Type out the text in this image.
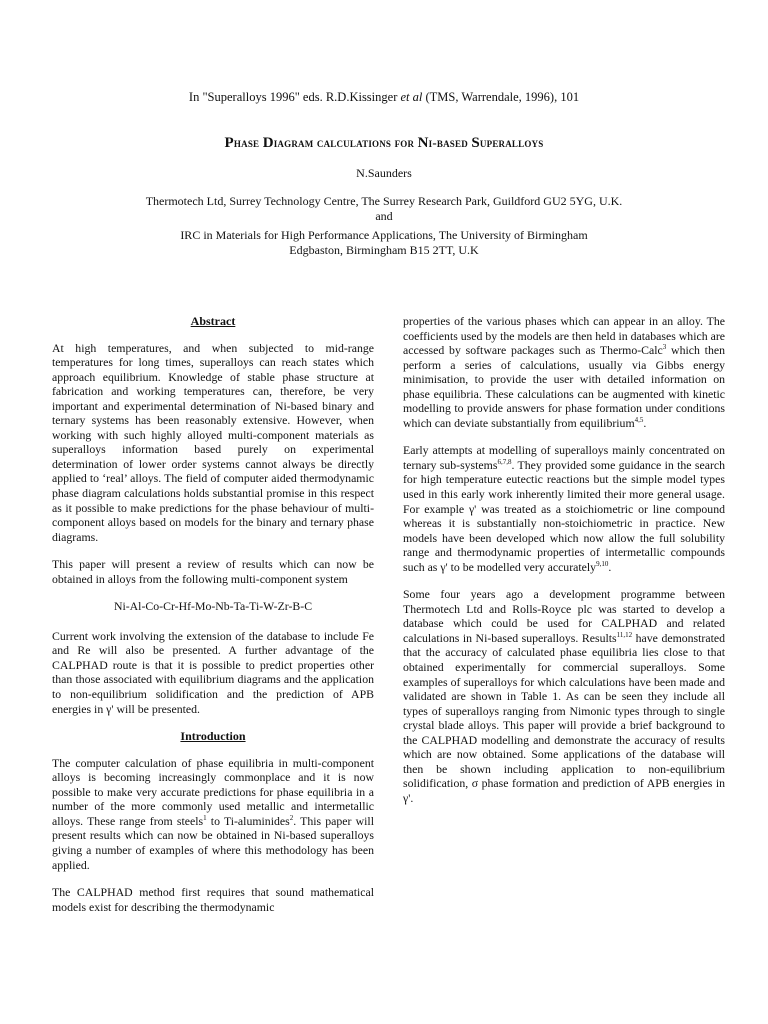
In "Superalloys 1996" eds. R.D.Kissinger et al (TMS, Warrendale, 1996), 101
Phase Diagram calculations for Ni-based Superalloys
N.Saunders
Thermotech Ltd, Surrey Technology Centre, The Surrey Research Park, Guildford GU2 5YG, U.K.
and
IRC in Materials for High Performance Applications, The University of Birmingham
Edgbaston, Birmingham B15 2TT, U.K
Abstract

At high temperatures, and when subjected to mid-range temperatures for long times, superalloys can reach states which approach equilibrium. Knowledge of stable phase structure at fabrication and working temperatures can, therefore, be very important and experimental determination of Ni-based binary and ternary systems has been reasonably extensive. However, when working with such highly alloyed multi-component materials as superalloys information based purely on experimental determination of lower order systems cannot always be directly applied to ‘real’ alloys. The field of computer aided thermodynamic phase diagram calculations holds substantial promise in this respect as it possible to make predictions for the phase behaviour of multi-component alloys based on models for the binary and ternary phase diagrams.

This paper will present a review of results which can now be obtained in alloys from the following multi-component system

Ni-Al-Co-Cr-Hf-Mo-Nb-Ta-Ti-W-Zr-B-C

Current work involving the extension of the database to include Fe and Re will also be presented. A further advantage of the CALPHAD route is that it is possible to predict properties other than those associated with equilibrium diagrams and the application to non-equilibrium solidification and the prediction of APB energies in γ' will be presented.

Introduction

The computer calculation of phase equilibria in multi-component alloys is becoming increasingly commonplace and it is now possible to make very accurate predictions for phase equilibria in a number of the more commonly used metallic and intermetallic alloys. These range from steels$^1$ to Ti-aluminides$^2$. This paper will present results which can now be obtained in Ni-based superalloys giving a number of examples of where this methodology has been applied.

The CALPHAD method first requires that sound mathematical models exist for describing the thermodynamic

properties of the various phases which can appear in an alloy. The coefficients used by the models are then held in databases which are accessed by software packages such as Thermo-Calc$^3$ which then perform a series of calculations, usually via Gibbs energy minimisation, to provide the user with detailed information on phase equilibria. These calculations can be augmented with kinetic modelling to provide answers for phase formation under conditions which can deviate substantially from equilibrium$^{4,5}$.

Early attempts at modelling of superalloys mainly concentrated on ternary sub-systems$^{6,7,8}$. They provided some guidance in the search for high temperature eutectic reactions but the simple model types used in this early work inherently limited their more general usage. For example γ' was treated as a stoichiometric or line compound whereas it is substantially non-stoichiometric in practice. New models have been developed which now allow the full solubility range and thermodynamic properties of intermetallic compounds such as γ' to be modelled very accurately$^{9,10}$.

Some four years ago a development programme between Thermotech Ltd and Rolls-Royce plc was started to develop a database which could be used for CALPHAD and related calculations in Ni-based superalloys. Results$^{11,12}$ have demonstrated that the accuracy of calculated phase equilibria lies close to that obtained experimentally for commercial superalloys. Some examples of superalloys for which calculations have been made and validated are shown in Table 1. As can be seen they include all types of superalloys ranging from Nimonic types through to single crystal blade alloys. This paper will provide a brief background to the CALPHAD modelling and demonstrate the accuracy of results which are now obtained. Some applications of the database will then be shown including application to non-equilibrium solidification, σ phase formation and prediction of APB energies in γ'.
